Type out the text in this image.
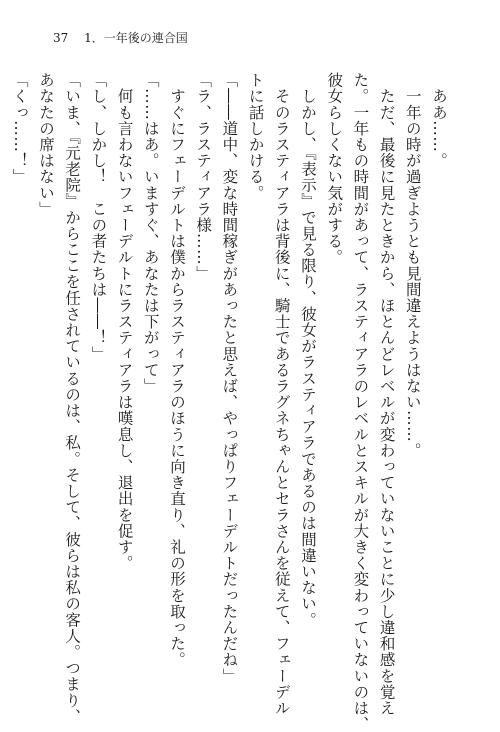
37 1．一年後の連合国
　ああ……。
　一年の時が過ぎようとも見間違えようはない……。
　ただ、最後に見たときから、ほとんどレベルが変わっていないことに少し違和感を覚え
た。一年もの時間があって、ラスティアラのレベルとスキルが大きく変わっていないのは、
彼女らしくない気がする。
　しかし、『表示』で見る限り、彼女がラスティアラであるのは間違いない。
　そのラスティアラは背後に、騎士であるラグネちゃんとセラさんを従えて、フェーデル
トに話しかける。
「――道中、変な時間稼ぎがあったと思えば、やっぱりフェーデルトだったんだね」
「ラ、ラスティアラ様……」
　すぐにフェーデルトは僕からラスティアラのほうに向き直り、礼の形を取った。
「……はあ。いますぐ、あなたは下がって」
　何も言わないフェーデルトにラスティアラは嘆息し、退出を促す。
「し、しかし！　この者たちは――！」
「いま、『元老院』からここを任されているのは、私。そして、彼らは私の客人。つまり、
あなたの席はない」
「くっ……！」
